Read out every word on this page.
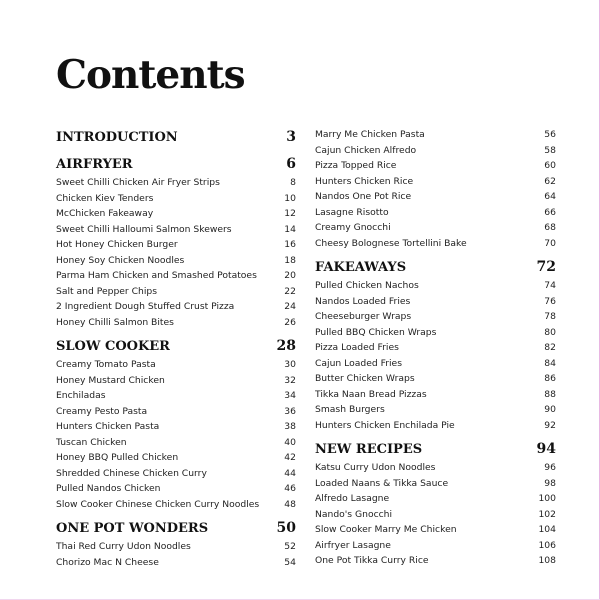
Contents
INTRODUCTION	3
AIRFRYER	6
Sweet Chilli Chicken Air Fryer Strips	8
Chicken Kiev Tenders	10
McChicken Fakeaway	12
Sweet Chilli Halloumi Salmon Skewers	14
Hot Honey Chicken Burger	16
Honey Soy Chicken Noodles	18
Parma Ham Chicken and Smashed Potatoes	20
Salt and Pepper Chips	22
2 Ingredient Dough Stuffed Crust Pizza	24
Honey Chilli Salmon Bites	26
SLOW COOKER	28
Creamy Tomato Pasta	30
Honey Mustard Chicken	32
Enchiladas	34
Creamy Pesto Pasta	36
Hunters Chicken Pasta	38
Tuscan Chicken	40
Honey BBQ Pulled Chicken	42
Shredded Chinese Chicken Curry	44
Pulled Nandos Chicken	46
Slow Cooker Chinese Chicken Curry Noodles	48
ONE POT WONDERS	50
Thai Red Curry Udon Noodles	52
Chorizo Mac N Cheese	54
Marry Me Chicken Pasta	56
Cajun Chicken Alfredo	58
Pizza Topped Rice	60
Hunters Chicken Rice	62
Nandos One Pot Rice	64
Lasagne Risotto	66
Creamy Gnocchi	68
Cheesy Bolognese Tortellini Bake	70
FAKEAWAYS	72
Pulled Chicken Nachos	74
Nandos Loaded Fries	76
Cheeseburger Wraps	78
Pulled BBQ Chicken Wraps	80
Pizza Loaded Fries	82
Cajun Loaded Fries	84
Butter Chicken Wraps	86
Tikka Naan Bread Pizzas	88
Smash Burgers	90
Hunters Chicken Enchilada Pie	92
NEW RECIPES	94
Katsu Curry Udon Noodles	96
Loaded Naans & Tikka Sauce	98
Alfredo Lasagne	100
Nando's Gnocchi	102
Slow Cooker Marry Me Chicken	104
Airfryer Lasagne	106
One Pot Tikka Curry Rice	108
